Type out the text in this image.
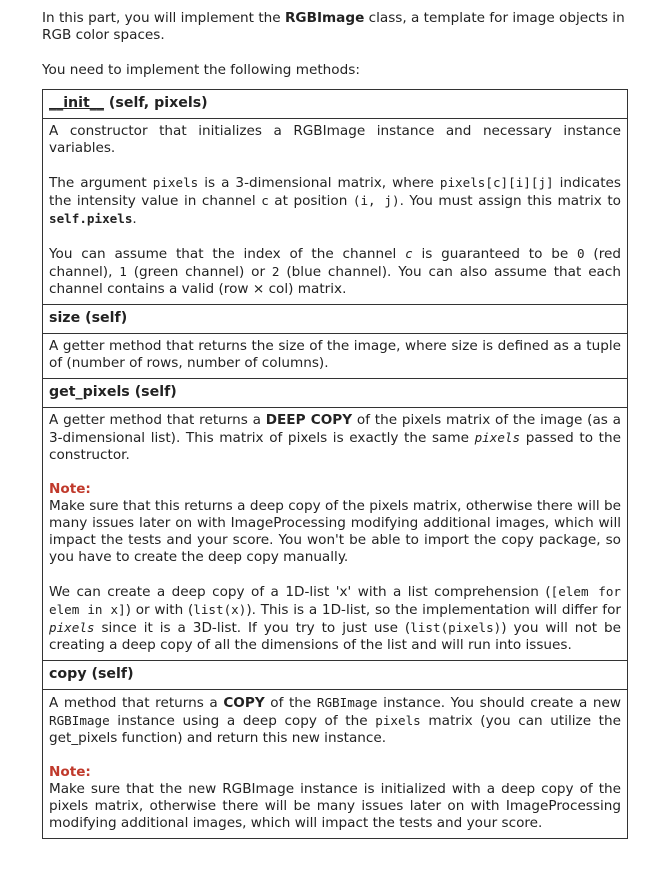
In this part, you will implement the RGBImage class, a template for image objects in RGB color spaces.

You need to implement the following methods:

__init__ (self, pixels)

A constructor that initializes a RGBImage instance and necessary instance variables.

The argument pixels is a 3-dimensional matrix, where pixels[c][i][j] indicates the intensity value in channel c at position (i, j). You must assign this matrix to self.pixels.

You can assume that the index of the channel c is guaranteed to be 0 (red channel), 1 (green channel) or 2 (blue channel). You can also assume that each channel contains a valid (row × col) matrix.

size (self)

A getter method that returns the size of the image, where size is defined as a tuple of (number of rows, number of columns).

get_pixels (self)

A getter method that returns a DEEP COPY of the pixels matrix of the image (as a 3-dimensional list). This matrix of pixels is exactly the same pixels passed to the constructor.

Note:
Make sure that this returns a deep copy of the pixels matrix, otherwise there will be many issues later on with ImageProcessing modifying additional images, which will impact the tests and your score. You won't be able to import the copy package, so you have to create the deep copy manually.

We can create a deep copy of a 1D-list 'x' with a list comprehension ([elem for elem in x]) or with (list(x)). This is a 1D-list, so the implementation will differ for pixels since it is a 3D-list. If you try to just use (list(pixels)) you will not be creating a deep copy of all the dimensions of the list and will run into issues.

copy (self)

A method that returns a COPY of the RGBImage instance. You should create a new RGBImage instance using a deep copy of the pixels matrix (you can utilize the get_pixels function) and return this new instance.

Note:
Make sure that the new RGBImage instance is initialized with a deep copy of the pixels matrix, otherwise there will be many issues later on with ImageProcessing modifying additional images, which will impact the tests and your score.
